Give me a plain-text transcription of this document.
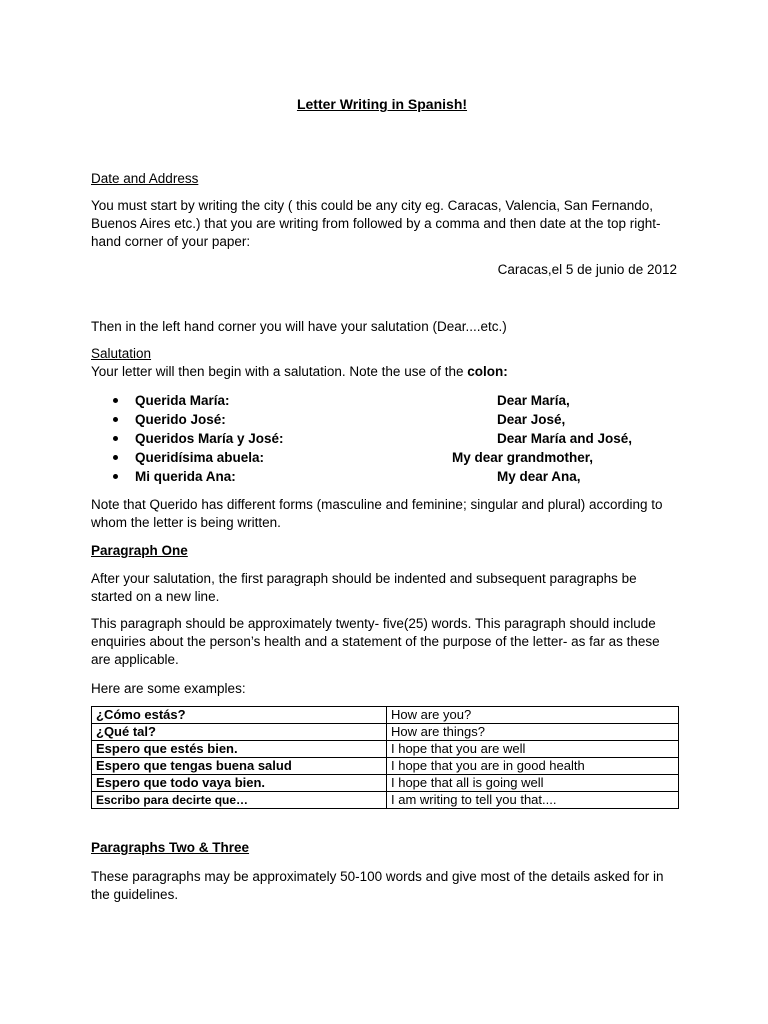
Letter Writing in Spanish!
Date and Address
You must start by writing the city ( this could be any city eg. Caracas, Valencia, San Fernando,
Buenos Aires etc.) that you are writing from followed by a comma and then date at the top right-
hand corner of your paper:
Caracas,el 5 de junio de 2012
Then in the left hand corner you will have your salutation (Dear....etc.)
Salutation
Your letter will then begin with a salutation. Note the use of the colon:
Querida María:	Dear María,
Querido José:	Dear José,
Queridos María y José:	Dear María and José,
Queridísima abuela:	My dear grandmother,
Mi querida Ana:	My dear Ana,
Note that Querido has different forms (masculine and feminine; singular and plural) according to
whom the letter is being written.
Paragraph One
After your salutation, the first paragraph should be indented and subsequent paragraphs be
started on a new line.
This paragraph should be approximately twenty- five(25) words. This paragraph should include
enquiries about the person’s health and a statement of the purpose of the letter- as far as these
are applicable.
Here are some examples:
¿Cómo estás?	How are you?
¿Qué tal?	How are things?
Espero que estés bien.	I hope that you are well
Espero que tengas buena salud	I hope that you are in good health
Espero que todo vaya bien.	I hope that all is going well
Escribo para decirte que…	I am writing to tell you that....
Paragraphs Two & Three
These paragraphs may be approximately 50-100 words and give most of the details asked for in
the guidelines.
